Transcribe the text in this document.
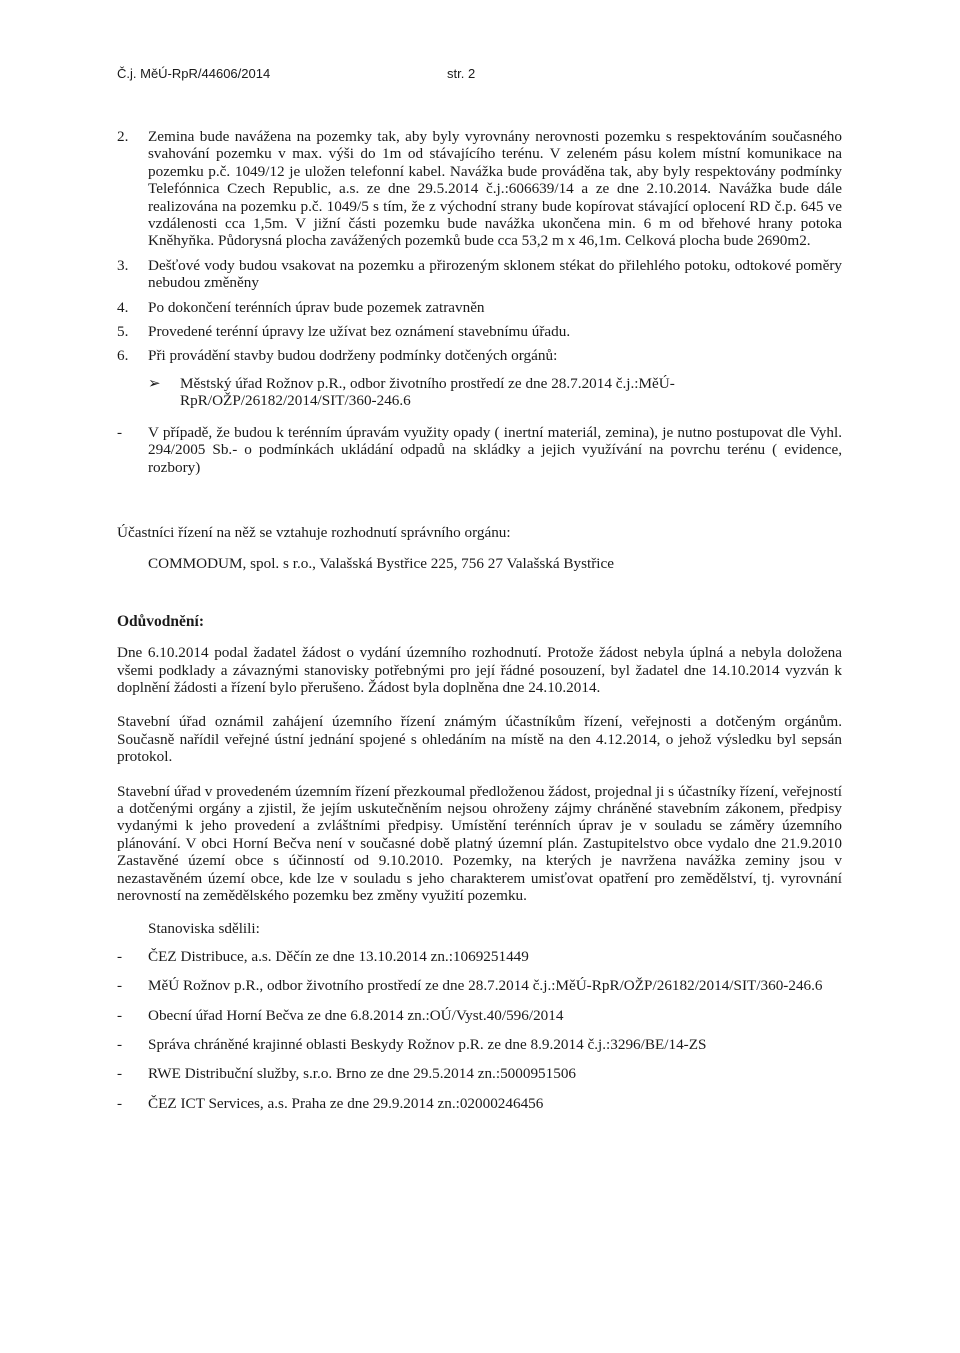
Č.j. MěÚ-RpR/44606/2014	str. 2
2. Zemina bude navážena na pozemky tak, aby byly vyrovnány nerovnosti pozemku s respektováním současného svahování pozemku v max. výši do 1m od stávajícího terénu. V zeleném pásu kolem místní komunikace na pozemku p.č. 1049/12 je uložen telefonní kabel. Navážka bude prováděna tak, aby byly respektovány podmínky Telefónnica Czech Republic, a.s. ze dne 29.5.2014 č.j.:606639/14 a ze dne 2.10.2014. Navážka bude dále realizována na pozemku p.č. 1049/5 s tím, že z východní strany bude kopírovat stávající oplocení RD č.p. 645 ve vzdálenosti cca 1,5m. V jižní části pozemku bude navážka ukončena min. 6 m od břehové hrany potoka Kněhyňka. Půdorysná plocha zavážených pozemků bude cca 53,2 m x 46,1m. Celková plocha bude 2690m2.
3. Dešťové vody budou vsakovat na pozemku a přirozeným sklonem stékat do přilehlého potoku, odtokové poměry nebudou změněny
4. Po dokončení terénních úprav bude pozemek zatravněn
5. Provedené terénní úpravy lze užívat bez oznámení stavebnímu úřadu.
6. Při provádění stavby budou dodrženy podmínky dotčených orgánů:
➢ Městský úřad Rožnov p.R., odbor životního prostředí ze dne 28.7.2014 č.j.:MěÚ-RpR/OŽP/26182/2014/SIT/360-246.6
- V případě, že budou k terénním úpravám využity opady ( inertní materiál, zemina), je nutno postupovat dle Vyhl. 294/2005 Sb.- o podmínkách ukládání odpadů na skládky a jejich využívání na povrchu terénu ( evidence, rozbory)
Účastníci řízení na něž se vztahuje rozhodnutí správního orgánu:
COMMODUM, spol. s r.o., Valašská Bystřice 225, 756 27 Valašská Bystřice
Odůvodnění:
Dne 6.10.2014 podal žadatel žádost o vydání územního rozhodnutí. Protože žádost nebyla úplná a nebyla doložena všemi podklady a závaznými stanovisky potřebnými pro její řádné posouzení, byl žadatel dne 14.10.2014 vyzván k doplnění žádosti a řízení bylo přerušeno. Žádost byla doplněna dne 24.10.2014.
Stavební úřad oznámil zahájení územního řízení známým účastníkům řízení, veřejnosti a dotčeným orgánům. Současně nařídil veřejné ústní jednání spojené s ohledáním na místě na den 4.12.2014, o jehož výsledku byl sepsán protokol.
Stavební úřad v provedeném územním řízení přezkoumal předloženou žádost, projednal ji s účastníky řízení, veřejností a dotčenými orgány a zjistil, že jejím uskutečněním nejsou ohroženy zájmy chráněné stavebním zákonem, předpisy vydanými k jeho provedení a zvláštními předpisy. Umístění terénních úprav je v souladu se záměry územního plánování. V obci Horní Bečva není v současné době platný územní plán. Zastupitelstvo obce vydalo dne 21.9.2010 Zastavěné území obce s účinností od 9.10.2010. Pozemky, na kterých je navržena navážka zeminy jsou v nezastavěném území obce, kde lze v souladu s jeho charakterem umisťovat opatření pro zemědělství, tj. vyrovnání nerovností na zemědělského pozemku bez změny využití pozemku.
Stanoviska sdělili:
- ČEZ Distribuce, a.s. Děčín ze dne 13.10.2014 zn.:1069251449
- MěÚ Rožnov p.R., odbor životního prostředí ze dne 28.7.2014 č.j.:MěÚ-RpR/OŽP/26182/2014/SIT/360-246.6
- Obecní úřad Horní Bečva ze dne 6.8.2014 zn.:OÚ/Vyst.40/596/2014
- Správa chráněné krajinné oblasti Beskydy Rožnov p.R. ze dne 8.9.2014 č.j.:3296/BE/14-ZS
- RWE Distribuční služby, s.r.o. Brno ze dne 29.5.2014 zn.:5000951506
- ČEZ ICT Services, a.s. Praha ze dne 29.9.2014 zn.:02000246456
